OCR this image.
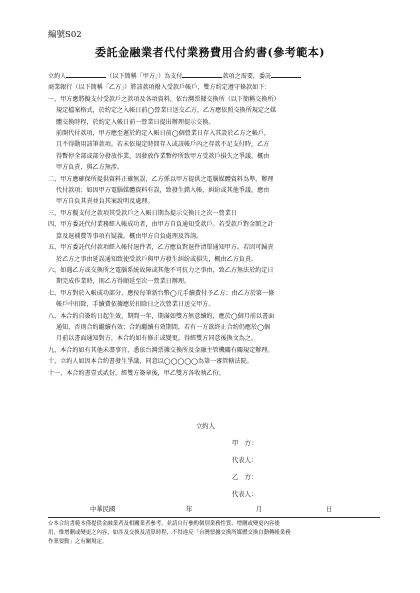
編號S02
委託金融業者代付業務費用合約書(參考範本)
立約人	（以下簡稱「甲方」）為支付	款項之需要，委託
商業銀行（以下簡稱「乙方」）將該款項撥入受款戶帳戶，雙方約定遵守條款如下：
一、甲方應將擬支付受款戶之款項及各項資料，依台灣票據交換所（以下簡稱交換所）
規定檔案格式，於約定之入帳日前◯營業日送交乙方，乙方應依照交換所規定之媒
體交換時程，於約定入帳日前一營業日提出辦理提示交換。
前開代付款項，甲方應至遲於約定入帳日前◯個營業日存入其設於乙方之帳戶，
且不得動用該筆款項。若未依規定時間存入或該帳戶內之存款不足支付時，乙方
得暫停全部或部分發放作業，因發放作業暫停所致甲方受款戶損失之爭議，概由
甲方負責，與乙方無涉。
二、甲方應確保所提供資料正確無誤，乙方係以甲方提供之電腦媒體資料為準，辦理
代付款項；如因甲方電腦媒體資料有誤，致發生錯入帳、糾紛或其他爭議，應由
甲方自負其責並負其案說明及處理。
三、甲方擬支付之款項其受款戶之入帳日期為提示交換日之次一營業日
四、甲方委託代付業務經入帳成功者，由甲方自負通知受款戶。若受款戶對金額之計
算及退補費等事項有疑義，概由甲方自負處理及答詢。
五、甲方委託代付款項經入帳付退件者，乙方應負對退件清單通知甲方。若因可歸責
於乙方之事由延誤通知致使受款戶與甲方發生糾紛或損失，概由乙方負責。
六、如遇乙方或交換所之電腦系統故障或其他不可抗力之事由，致乙方無法於約定日
期完成作業時，則乙方得順延至次一營業日辦理。
七、甲方對於入帳成功部分，應按每筆新台幣◯元手續費付予乙方；由乙方於第一條
帳戶中扣除，手續費依據應於扣除日之次營業日送交甲方。
八、本合約自簽約日起生效，期間一年，期滿如雙方無意續約，應於◯個月前以書面
通知，否則合約繼續有效；合約繼續有效期間，若有一方欲終止合約仍應於◯個
月前以書面通知對方，本合約如有修正或變更，得經雙方同意後換文為之。
九、本合約如有其他未盡事宜，悉依台灣票據交換所及金融主管機關有關規定辦理。
十、立約人如因本合約書發生爭議，同意以◯◯◯◯◯為第一審管轄法院。
十一、本合約書壹式貳份，經雙方簽章後，甲乙雙方各收執乙份。
立約人
甲　方：
代表人：
乙　方：
代表人：
中華民國	年	月	日
☆本合約書範本僅提供金融業者及相關業者參考，並請自行參酌個別業務性質、增刪或變更內容後
用，惟增刪或變更之內容，如涉及交換及清算時程，不得違反「台灣票據交換所媒體交換自動轉帳業務
作業要點」之有關規定。
